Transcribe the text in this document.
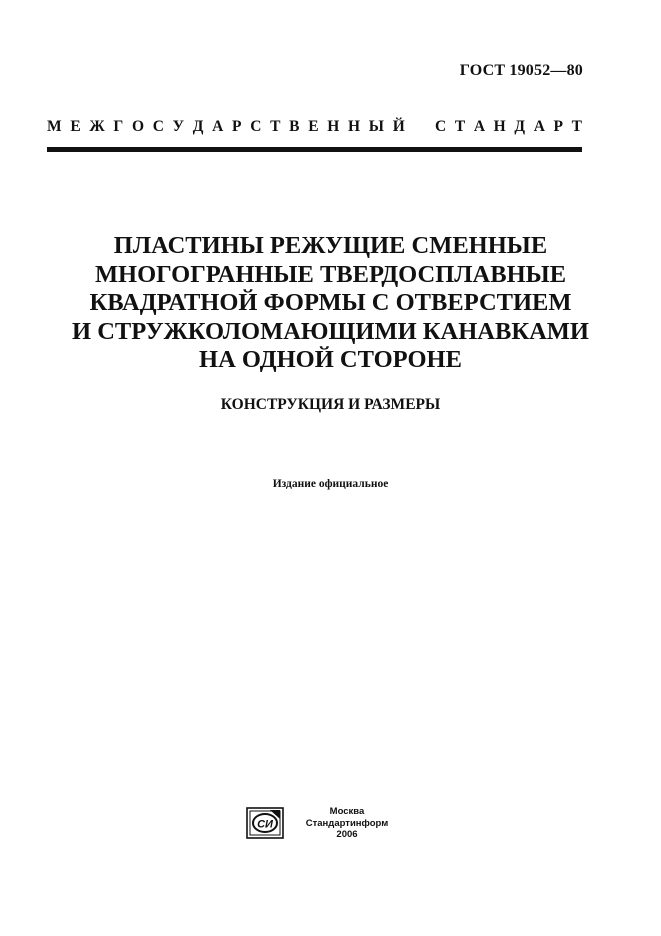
ГОСТ 19052—80
М Е Ж Г О С У Д А Р С Т В Е Н Н Ы Й С Т А Н Д А Р Т
ПЛАСТИНЫ РЕЖУЩИЕ СМЕННЫЕ
МНОГОГРАННЫЕ ТВЕРДОСПЛАВНЫЕ
КВАДРАТНОЙ ФОРМЫ С ОТВЕРСТИЕМ
И СТРУЖКОЛОМАЮЩИМИ КАНАВКАМИ
НА ОДНОЙ СТОРОНЕ
КОНСТРУКЦИЯ И РАЗМЕРЫ
Издание официальное
СИ
Москва
Стандартинформ
2006
